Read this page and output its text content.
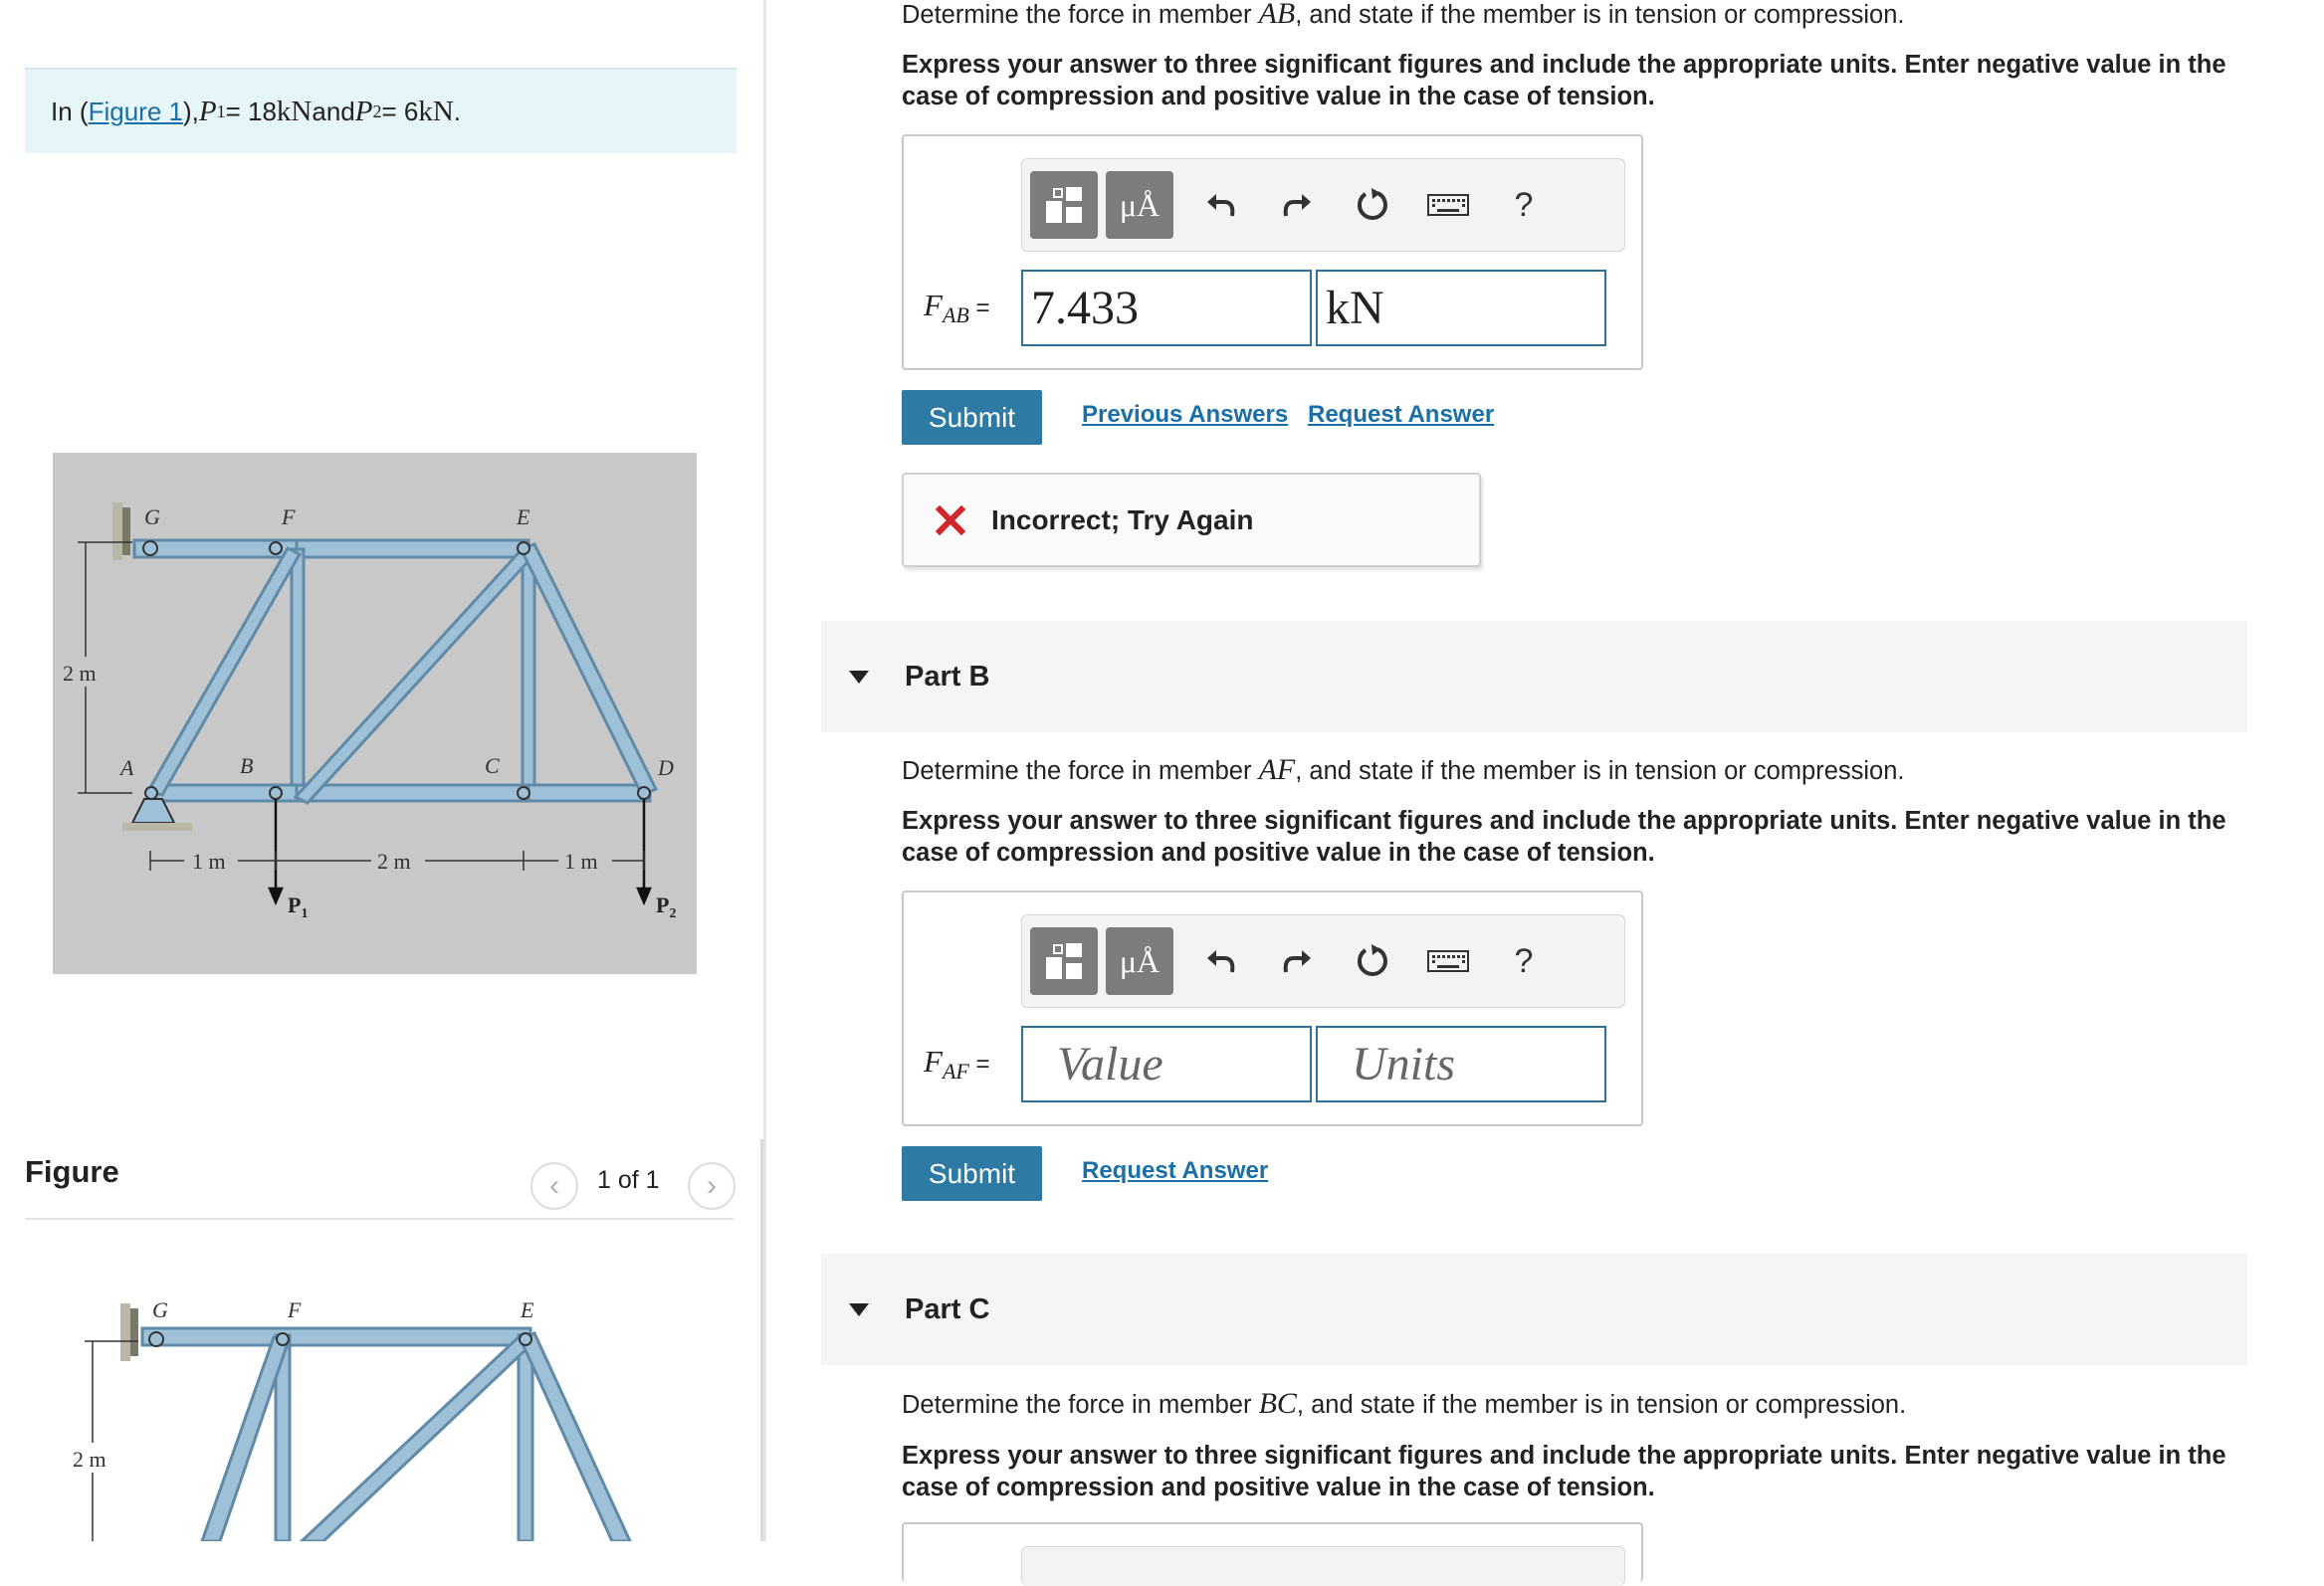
In ( Figure 1 ), P 1 = 18 kN and P 2 = 6 kN .
G	F	E
A	B	C	D
2 m
1 m	2 m	1 m
$P_1$	$P_2$
Figure	‹ 1 of 1 ›
G	F	E
2 m
Determine the force in member AB, and state if the member is in tension or compression.
Express your answer to three significant figures and include the appropriate units. Enter negative value in the case of compression and positive value in the case of tension.
μÅ	?
$F_{AB} = 7.433$	kN
Submit	Previous Answers Request Answer
Incorrect; Try Again
Part B
Determine the force in member AF, and state if the member is in tension or compression.
Express your answer to three significant figures and include the appropriate units. Enter negative value in the case of compression and positive value in the case of tension.
μÅ	?
$F_{AF}$ =	Value	Units
Submit	Request Answer
Part C
Determine the force in member BC, and state if the member is in tension or compression.
Express your answer to three significant figures and include the appropriate units. Enter negative value in the case of compression and positive value in the case of tension.
